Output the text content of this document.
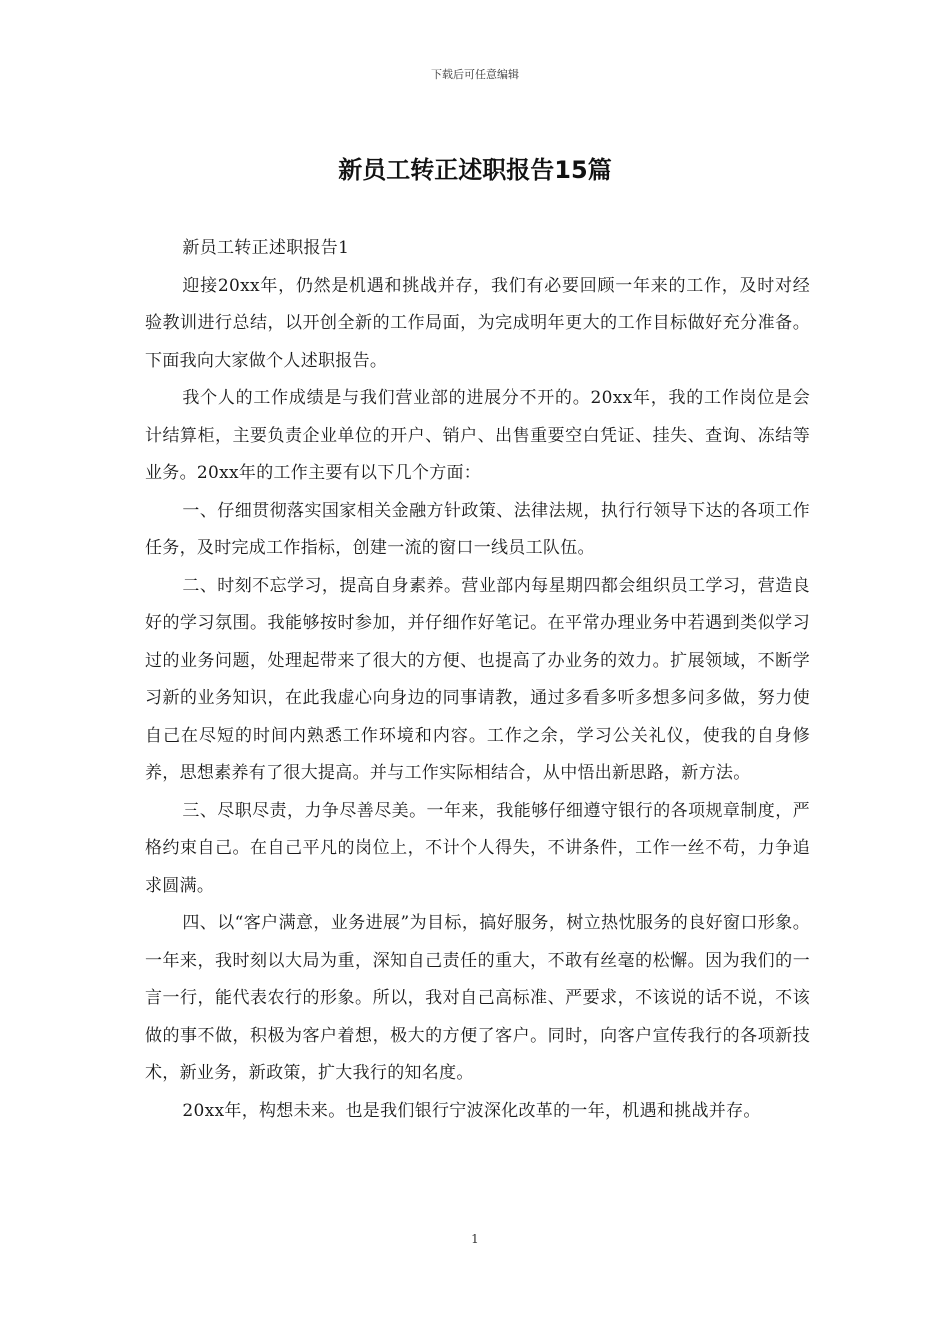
下载后可任意编辑
新员工转正述职报告15篇

新员工转正述职报告1

迎接20xx年，仍然是机遇和挑战并存，我们有必要回顾一年来的工作，及时对经验教训进行总结，以开创全新的工作局面，为完成明年更大的工作目标做好充分准备。下面我向大家做个人述职报告。

我个人的工作成绩是与我们营业部的进展分不开的。20xx年，我的工作岗位是会计结算柜，主要负责企业单位的开户、销户、出售重要空白凭证、挂失、查询、冻结等业务。20xx年的工作主要有以下几个方面：

一、仔细贯彻落实国家相关金融方针政策、法律法规，执行行领导下达的各项工作任务，及时完成工作指标，创建一流的窗口一线员工队伍。

二、时刻不忘学习，提高自身素养。营业部内每星期四都会组织员工学习，营造良好的学习氛围。我能够按时参加，并仔细作好笔记。在平常办理业务中若遇到类似学习过的业务问题，处理起带来了很大的方便、也提高了办业务的效力。扩展领域，不断学习新的业务知识，在此我虚心向身边的同事请教，通过多看多听多想多问多做，努力使自己在尽短的时间内熟悉工作环境和内容。工作之余，学习公关礼仪，使我的自身修养，思想素养有了很大提高。并与工作实际相结合，从中悟出新思路，新方法。

三、尽职尽责，力争尽善尽美。一年来，我能够仔细遵守银行的各项规章制度，严格约束自己。在自己平凡的岗位上，不计个人得失，不讲条件，工作一丝不苟，力争追求圆满。

四、以“客户满意，业务进展”为目标，搞好服务，树立热忱服务的良好窗口形象。一年来，我时刻以大局为重，深知自己责任的重大，不敢有丝毫的松懈。因为我们的一言一行，能代表农行的形象。所以，我对自己高标准、严要求，不该说的话不说，不该做的事不做，积极为客户着想，极大的方便了客户。同时，向客户宣传我行的各项新技术，新业务，新政策，扩大我行的知名度。

20xx年，构想未来。也是我们银行宁波深化改革的一年，机遇和挑战并存。

1
